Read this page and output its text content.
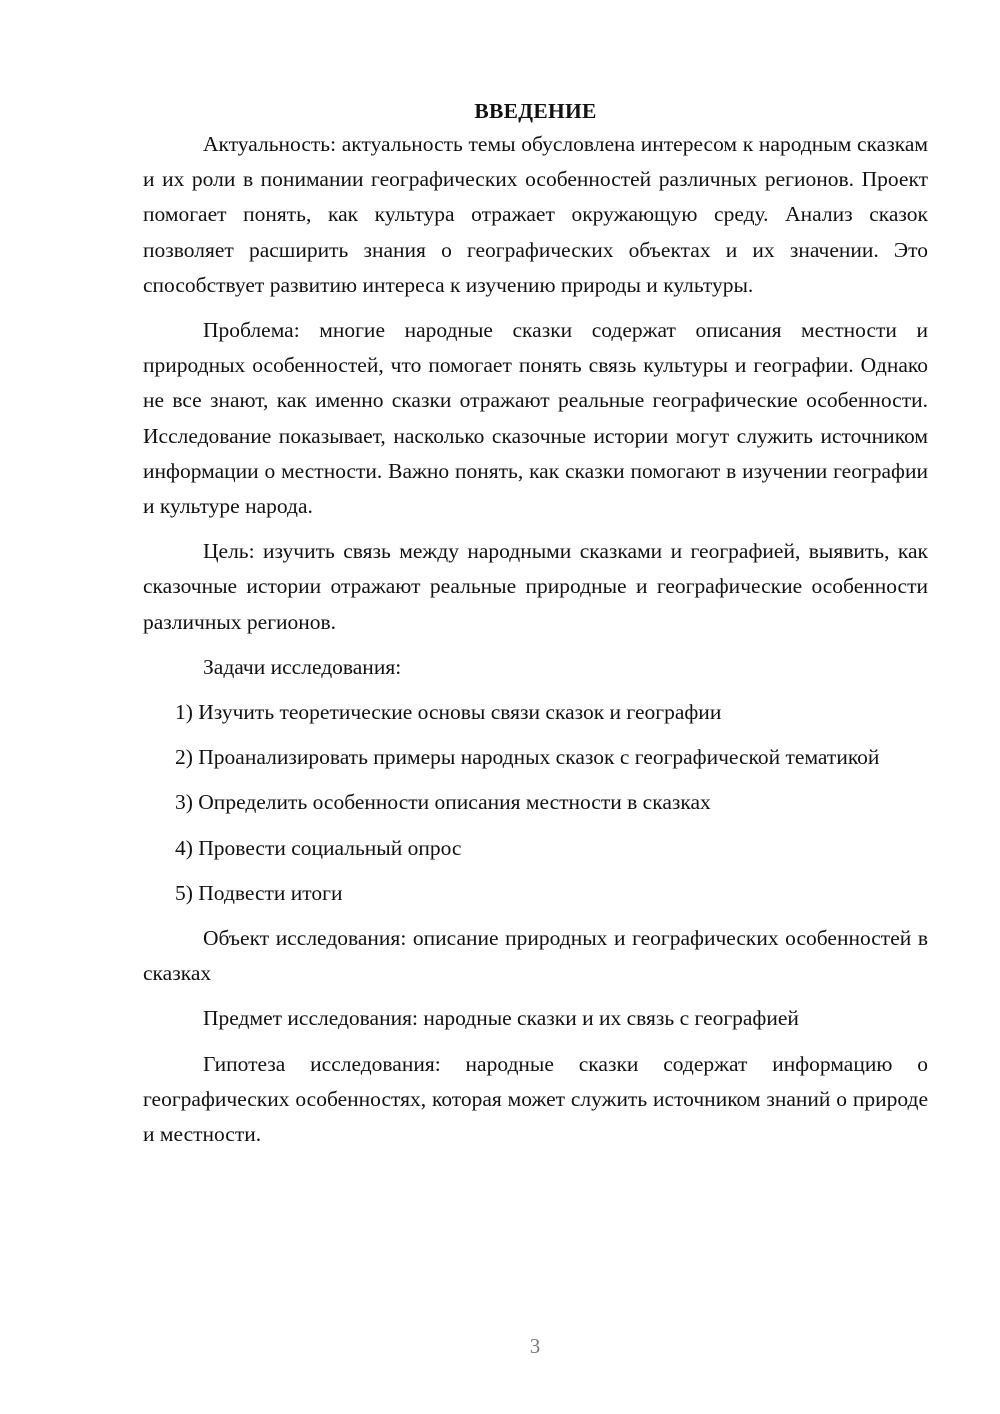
ВВЕДЕНИЕ

Актуальность: актуальность темы обусловлена интересом к народным сказкам и их роли в понимании географических особенностей различных регионов. Проект помогает понять, как культура отражает окружающую среду. Анализ сказок позволяет расширить знания о географических объектах и их значении. Это способствует развитию интереса к изучению природы и культуры.

Проблема: многие народные сказки содержат описания местности и природных особенностей, что помогает понять связь культуры и географии. Однако не все знают, как именно сказки отражают реальные географические особенности. Исследование показывает, насколько сказочные истории могут служить источником информации о местности. Важно понять, как сказки помогают в изучении географии и культуре народа.

Цель: изучить связь между народными сказками и географией, выявить, как сказочные истории отражают реальные природные и географические особенности различных регионов.

Задачи исследования:

1) Изучить теоретические основы связи сказок и географии

2) Проанализировать примеры народных сказок с географической тематикой

3) Определить особенности описания местности в сказках

4) Провести социальный опрос

5) Подвести итоги

Объект исследования: описание природных и географических особенностей в сказках

Предмет исследования: народные сказки и их связь с географией

Гипотеза исследования: народные сказки содержат информацию о географических особенностях, которая может служить источником знаний о природе и местности.

3
